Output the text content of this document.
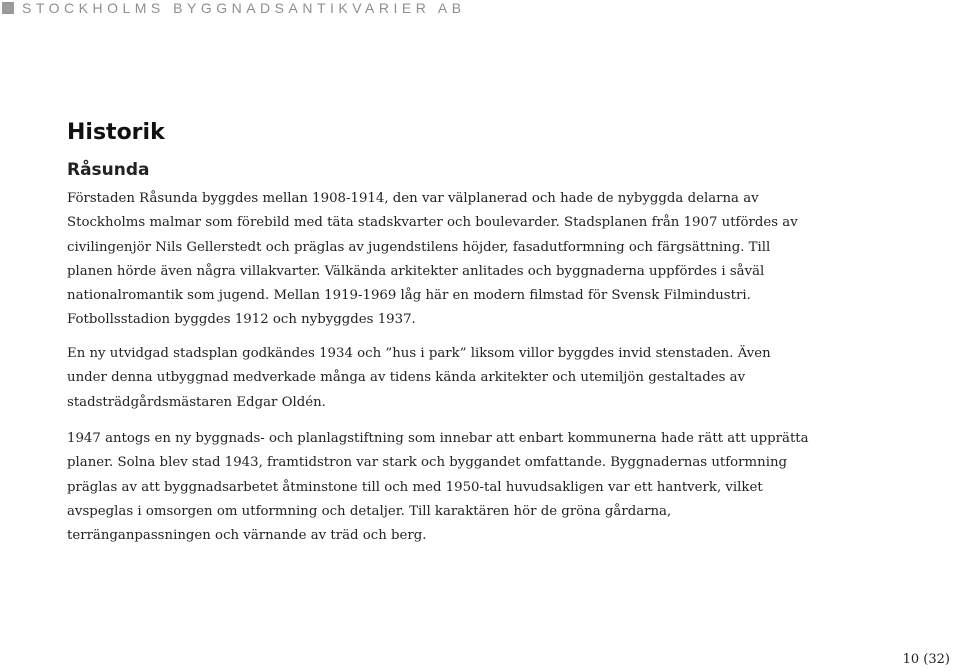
STOCKHOLMS BYGGNADSANTIKVARIER AB
Historik
Råsunda

Förstaden Råsunda byggdes mellan 1908-1914, den var välplanerad och hade de nybyggda delarna av
Stockholms malmar som förebild med täta stadskvarter och boulevarder. Stadsplanen från 1907 utfördes av
civilingenjör Nils Gellerstedt och präglas av jugendstilens höjder, fasadutformning och färgsättning. Till
planen hörde även några villakvarter. Välkända arkitekter anlitades och byggnaderna uppfördes i såväl
nationalromantik som jugend. Mellan 1919-1969 låg här en modern filmstad för Svensk Filmindustri.
Fotbollsstadion byggdes 1912 och nybyggdes 1937.

En ny utvidgad stadsplan godkändes 1934 och ”hus i park” liksom villor byggdes invid stenstaden. Även
under denna utbyggnad medverkade många av tidens kända arkitekter och utemiljön gestaltades av
stadsträdgårdsmästaren Edgar Oldén.

1947 antogs en ny byggnads- och planlagstiftning som innebar att enbart kommunerna hade rätt att upprätta
planer. Solna blev stad 1943, framtidstron var stark och byggandet omfattande. Byggnadernas utformning
präglas av att byggnadsarbetet åtminstone till och med 1950-tal huvudsakligen var ett hantverk, vilket
avspeglas i omsorgen om utformning och detaljer. Till karaktären hör de gröna gårdarna,
terränganpassningen och värnande av träd och berg.

10 (32)
